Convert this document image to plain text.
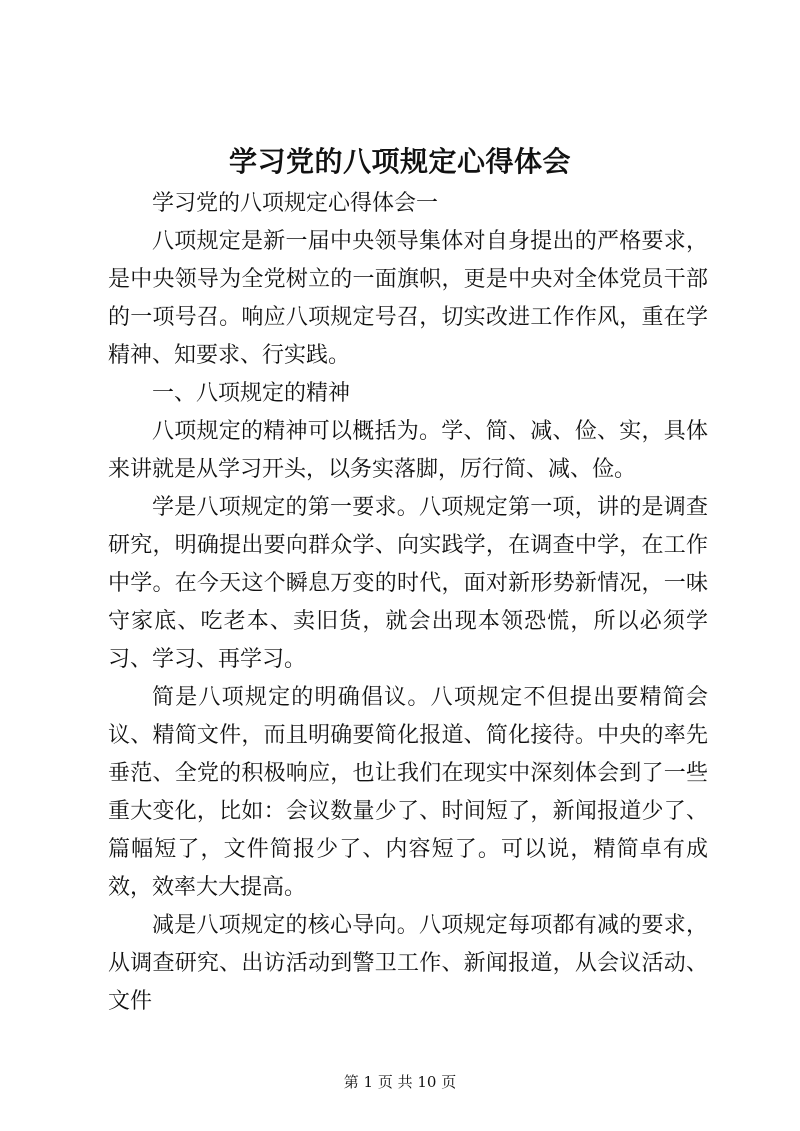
学习党的八项规定心得体会

学习党的八项规定心得体会一

八项规定是新一届中央领导集体对自身提出的严格要求，是中央领导为全党树立的一面旗帜，更是中央对全体党员干部的一项号召。响应八项规定号召，切实改进工作作风，重在学精神、知要求、行实践。

一、八项规定的精神

八项规定的精神可以概括为。学、简、减、俭、实，具体来讲就是从学习开头，以务实落脚，厉行简、减、俭。

学是八项规定的第一要求。八项规定第一项，讲的是调查研究，明确提出要向群众学、向实践学，在调查中学，在工作中学。在今天这个瞬息万变的时代，面对新形势新情况，一味守家底、吃老本、卖旧货，就会出现本领恐慌，所以必须学习、学习、再学习。

简是八项规定的明确倡议。八项规定不但提出要精简会议、精简文件，而且明确要简化报道、简化接待。中央的率先垂范、全党的积极响应，也让我们在现实中深刻体会到了一些重大变化，比如：会议数量少了、时间短了，新闻报道少了、篇幅短了，文件简报少了、内容短了。可以说，精简卓有成效，效率大大提高。

减是八项规定的核心导向。八项规定每项都有减的要求，从调查研究、出访活动到警卫工作、新闻报道，从会议活动、文件

第 1 页 共 10 页
